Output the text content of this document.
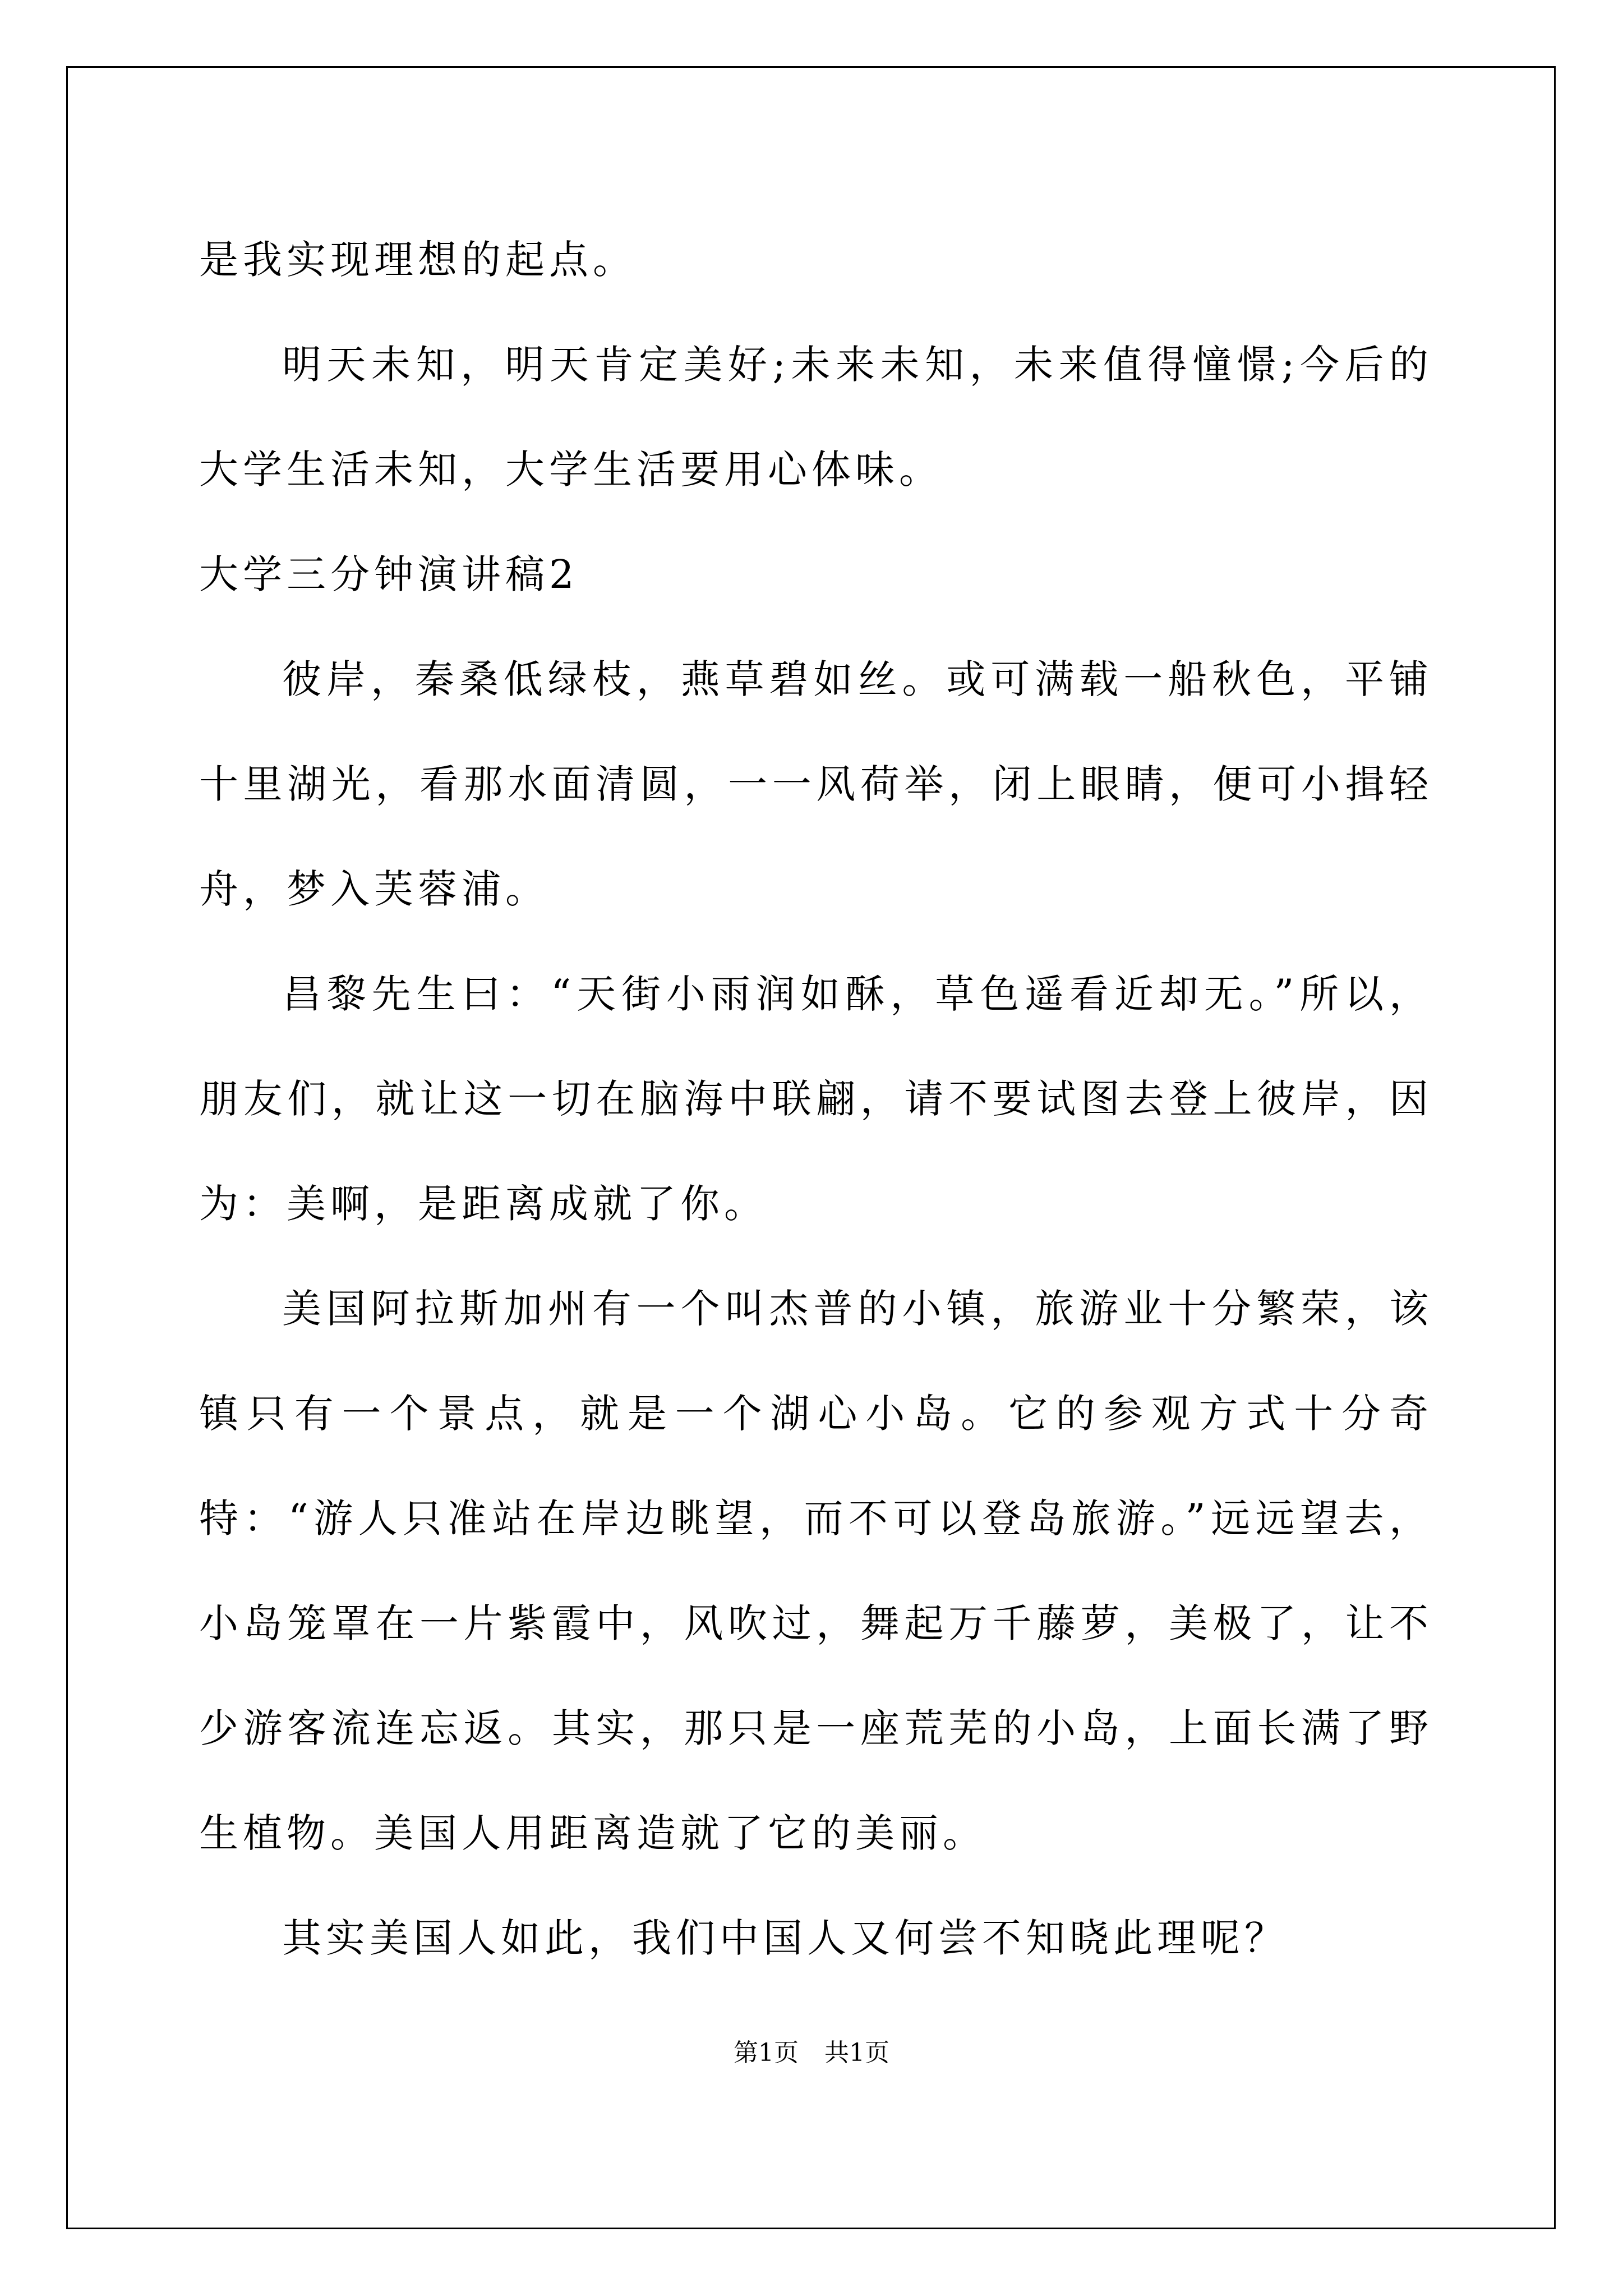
是我实现理想的起点。

明天未知，明天肯定美好;未来未知，未来值得憧憬;今后的大学生活未知，大学生活要用心体味。

大学三分钟演讲稿2

彼岸，秦桑低绿枝，燕草碧如丝。或可满载一船秋色，平铺十里湖光，看那水面清圆，一一风荷举，闭上眼睛，便可小揖轻舟，梦入芙蓉浦。

昌黎先生曰：“天街小雨润如酥，草色遥看近却无。”所以，朋友们，就让这一切在脑海中联翩，请不要试图去登上彼岸，因为：美啊，是距离成就了你。

美国阿拉斯加州有一个叫杰普的小镇，旅游业十分繁荣，该镇只有一个景点，就是一个湖心小岛。它的参观方式十分奇特：“游人只准站在岸边眺望，而不可以登岛旅游。”远远望去，小岛笼罩在一片紫霞中，风吹过，舞起万千藤萝，美极了，让不少游客流连忘返。其实，那只是一座荒芜的小岛，上面长满了野生植物。美国人用距离造就了它的美丽。

其实美国人如此，我们中国人又何尝不知晓此理呢？

第1页 共1页
